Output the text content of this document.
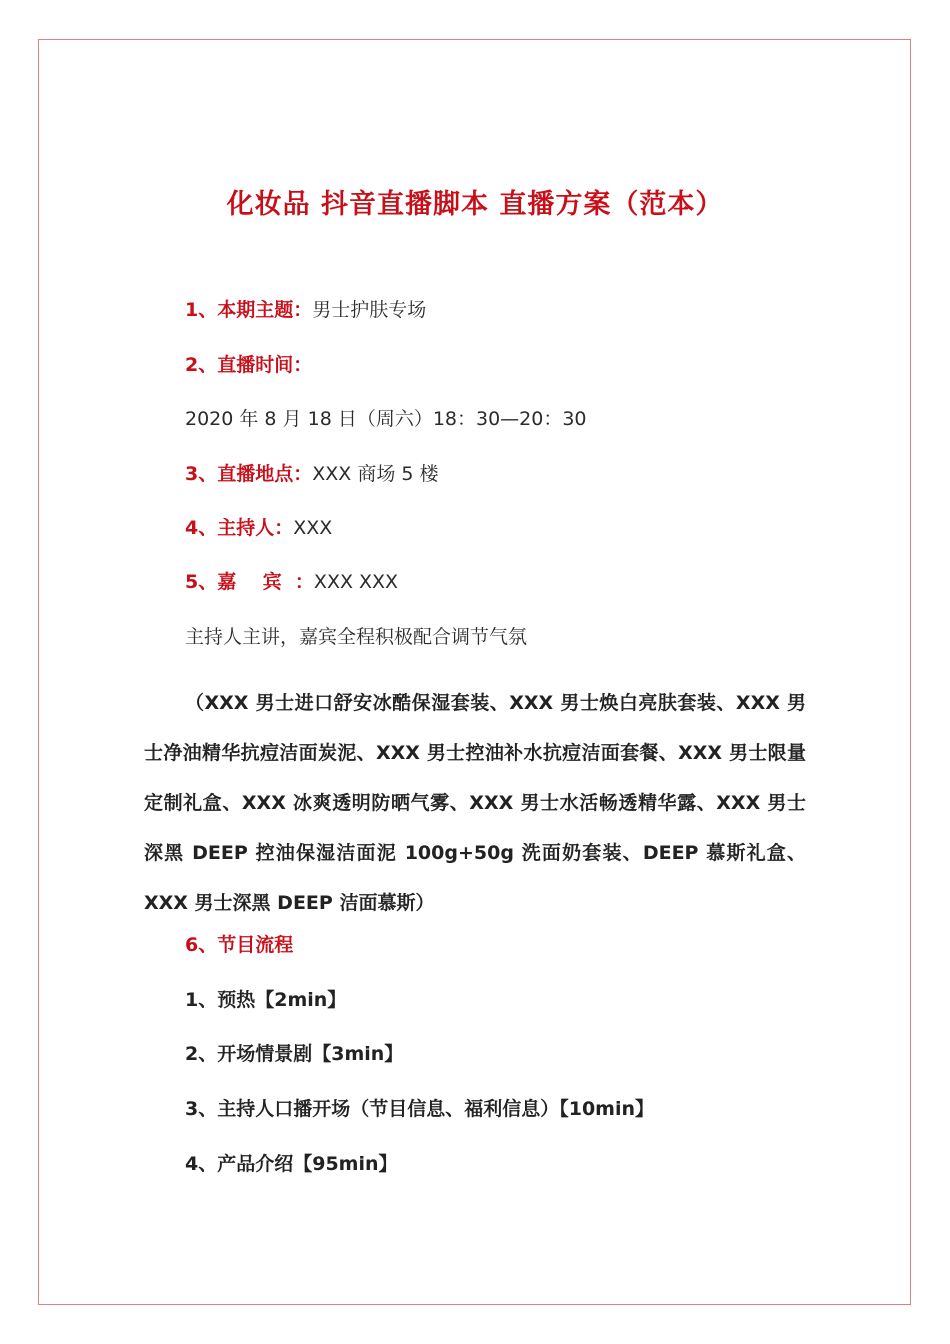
化妆品 抖音直播脚本 直播方案（范本）
1、本期主题：男士护肤专场
2、直播时间：
2020 年 8 月 18 日（周六）18：30—20：30
3、直播地点：XXX 商场 5 楼
4、主持人：XXX
5、嘉    宾  ：XXX XXX
主持人主讲，嘉宾全程积极配合调节气氛
（XXX 男士进口舒安冰酷保湿套装、XXX 男士焕白亮肤套装、XXX 男士净油精华抗痘洁面炭泥、XXX 男士控油补水抗痘洁面套餐、XXX 男士限量定制礼盒、XXX 冰爽透明防晒气雾、XXX 男士水活畅透精华露、XXX 男士深黑 DEEP 控油保湿洁面泥 100g+50g 洗面奶套装、DEEP 慕斯礼盒、XXX 男士深黑 DEEP 洁面慕斯）
6、节目流程
1、预热【2min】
2、开场情景剧【3min】
3、主持人口播开场（节目信息、福利信息）【10min】
4、产品介绍【95min】
